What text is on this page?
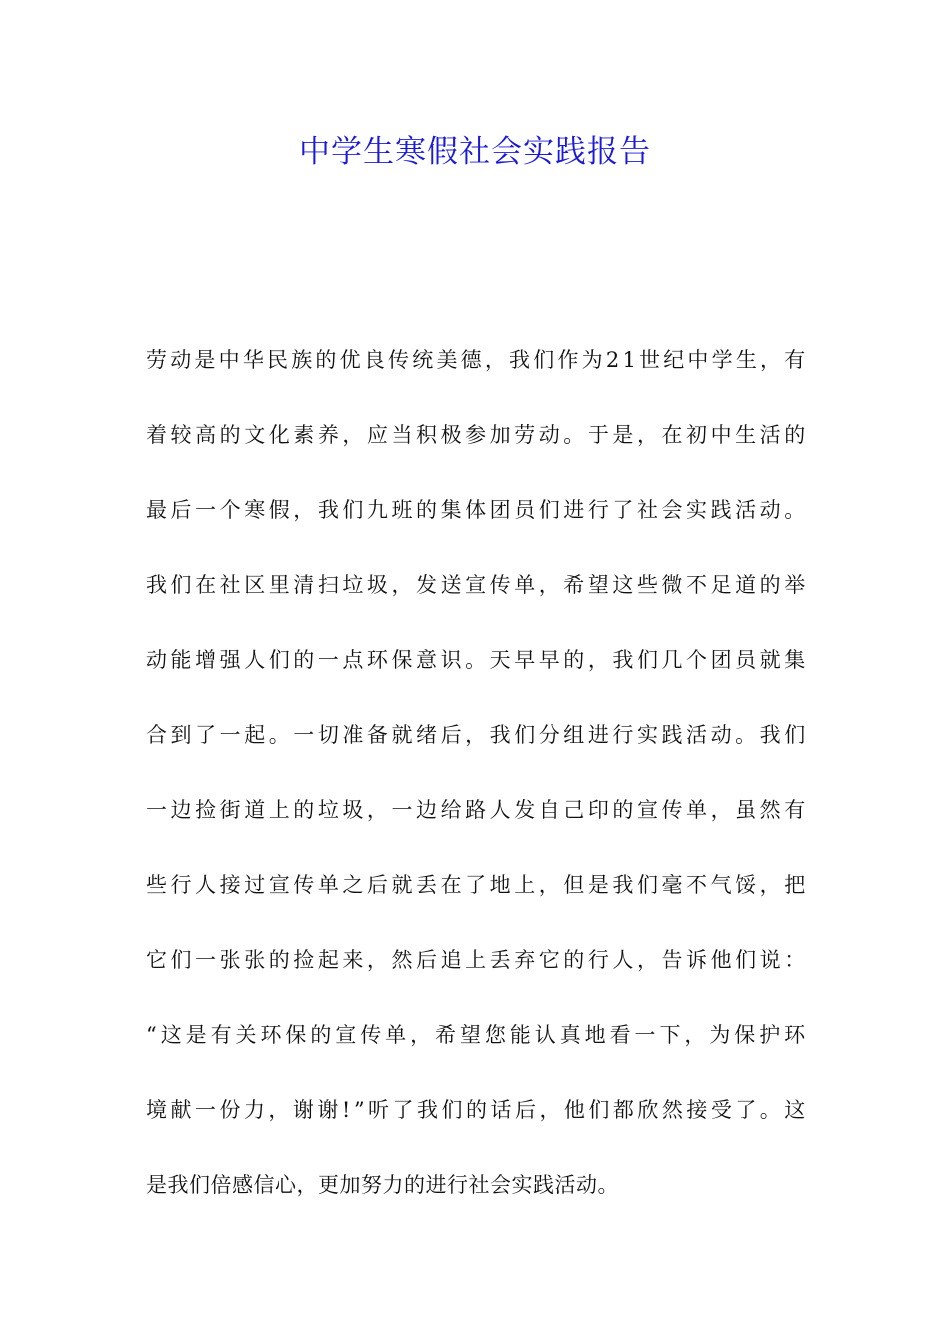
中学生寒假社会实践报告
劳 动 是 中 华 民 族 的 优 良 传 统 美 德 ， 我 们 作 为 2 1 世 纪 中 学 生 ， 有
着 较 高 的 文 化 素 养 ， 应 当 积 极 参 加 劳 动 。 于 是 ， 在 初 中 生 活 的
最 后 一 个 寒 假 ， 我 们 九 班 的 集 体 团 员 们 进 行 了 社 会 实 践 活 动 。
我 们 在 社 区 里 清 扫 垃 圾 ， 发 送 宣 传 单 ， 希 望 这 些 微 不 足 道 的 举
动 能 增 强 人 们 的 一 点 环 保 意 识 。 天 早 早 的 ， 我 们 几 个 团 员 就 集
合 到 了 一 起 。 一 切 准 备 就 绪 后 ， 我 们 分 组 进 行 实 践 活 动 。 我 们
一 边 捡 街 道 上 的 垃 圾 ， 一 边 给 路 人 发 自 己 印 的 宣 传 单 ， 虽 然 有
些 行 人 接 过 宣 传 单 之 后 就 丢 在 了 地 上 ， 但 是 我 们 毫 不 气 馁 ， 把
它 们 一 张 张 的 捡 起 来 ， 然 后 追 上 丢 弃 它 的 行 人 ， 告 诉 他 们 说 ：
“ 这 是 有 关 环 保 的 宣 传 单 ， 希 望 您 能 认 真 地 看 一 下 ， 为 保 护 环
境 献 一 份 力 ， 谢 谢 ! ” 听 了 我 们 的 话 后 ， 他 们 都 欣 然 接 受 了 。 这
是我们倍感信心，更加努力的进行社会实践活动。
